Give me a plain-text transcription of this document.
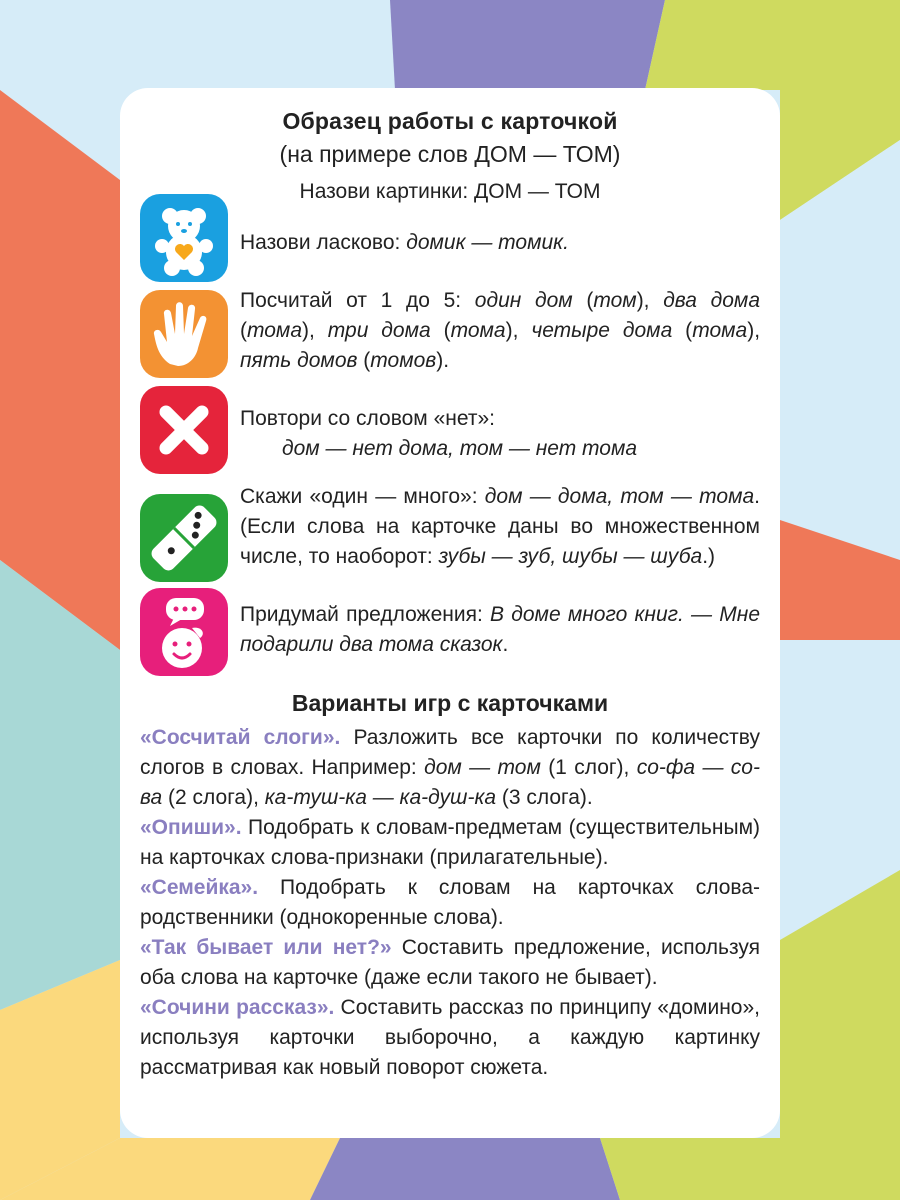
Образец работы с карточкой
(на примере слов ДОМ — ТОМ)
Назови картинки: ДОМ — ТОМ
Назови ласково: домик — томик.
Посчитай от 1 до 5: один дом (том), два дома (тома), три дома (тома), четыре дома (тома), пять домов (томов).
Повтори со словом «нет»:
дом — нет дома, том — нет тома
Скажи «один — много»: дом — дома, том — тома. (Если слова на карточке даны во множественном числе, то наоборот: зубы — зуб, шубы — шуба.)
Придумай предложения: В доме много книг. — Мне подарили два тома сказок.
Варианты игр с карточками
«Сосчитай слоги». Разложить все карточки по количеству слогов в словах. Например: дом — том (1 слог), со-фа — со-ва (2 слога), ка-туш-ка — ка-душ-ка (3 слога).
«Опиши». Подобрать к словам-предметам (существительным) на карточках слова-признаки (прилагательные).
«Семейка». Подобрать к словам на карточках слова-родственники (однокоренные слова).
«Так бывает или нет?» Составить предложение, используя оба слова на карточке (даже если такого не бывает).
«Сочини рассказ». Составить рассказ по принципу «домино», используя карточки выборочно, а каждую картинку рассматривая как новый поворот сюжета.
